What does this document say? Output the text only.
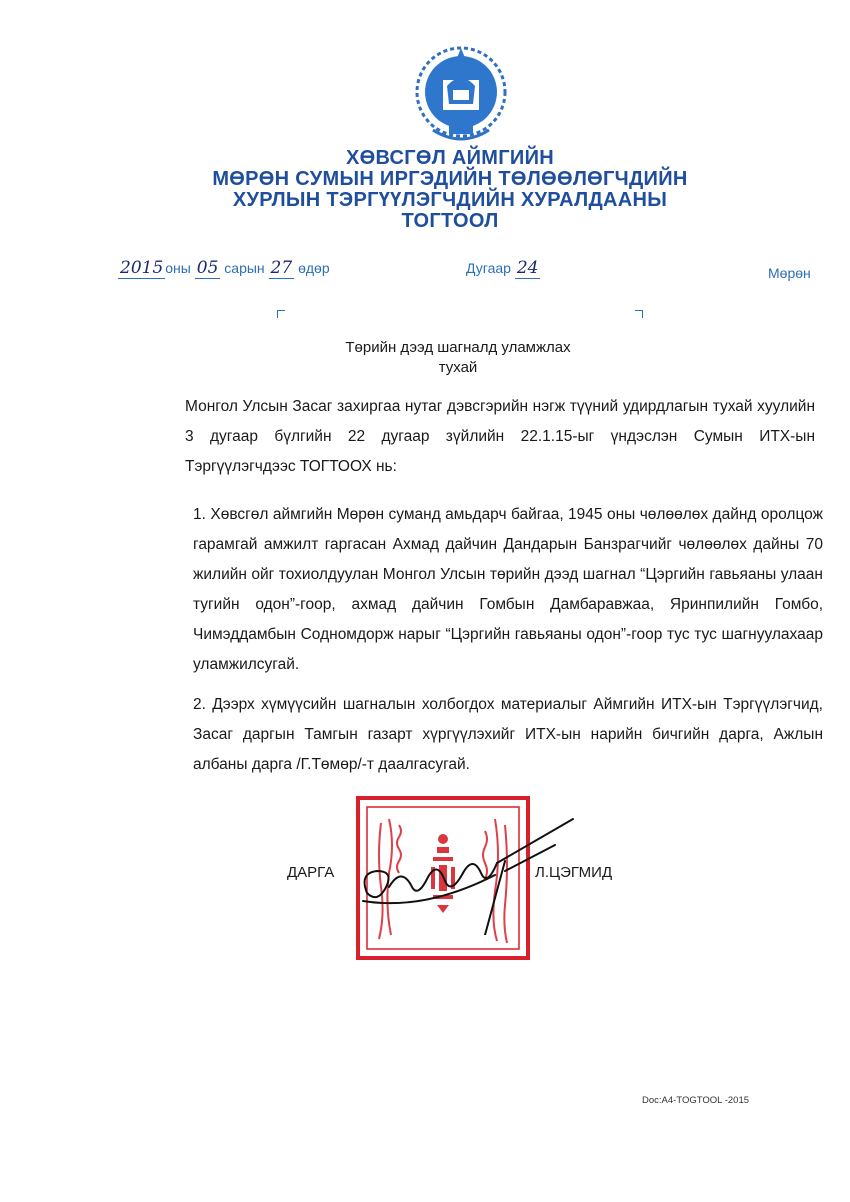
ХӨВСГӨЛ АЙМГИЙН
МӨРӨН СУМЫН ИРГЭДИЙН ТӨЛӨӨЛӨГЧДИЙН
ХУРЛЫН ТЭРГҮҮЛЭГЧДИЙН ХУРАЛДААНЫ
ТОГТООЛ
2015 оны 05 сарын 27 өдөр	Дугаар 24	Мөрөн
Төрийн дээд шагналд уламжлах
тухай
Монгол Улсын Засаг захиргаа нутаг дэвсгэрийн нэгж түүний удирдлагын тухай хуулийн 3 дугаар бүлгийн 22 дугаар зүйлийн 22.1.15-ыг үндэслэн Сумын ИТХ-ын Тэргүүлэгчдээс ТОГТООХ нь:
1. Хөвсгөл аймгийн Мөрөн суманд амьдарч байгаа, 1945 оны чөлөөлөх дайнд оролцож гарамгай амжилт гаргасан Ахмад дайчин Дандарын Банзрагчийг чөлөөлөх дайны 70 жилийн ойг тохиолдуулан Монгол Улсын төрийн дээд шагнал “Цэргийн гавьяаны улаан тугийн одон”-гоор, ахмад дайчин Гомбын Дамбаравжаа, Яринпилийн Гомбо, Чимэддамбын Содномдорж нарыг “Цэргийн гавьяаны одон”-гоор тус тус шагнуулахаар уламжилсугай.
2. Дээрх хүмүүсийн шагналын холбогдох материалыг Аймгийн ИТХ-ын Тэргүүлэгчид, Засаг даргын Тамгын газарт хүргүүлэхийг ИТХ-ын нарийн бичгийн дарга, Ажлын албаны дарга /Г.Төмөр/-т даалгасугай.
ДАРГА	Л.ЦЭГМИД
Doc:A4-TOGTOOL -2015
